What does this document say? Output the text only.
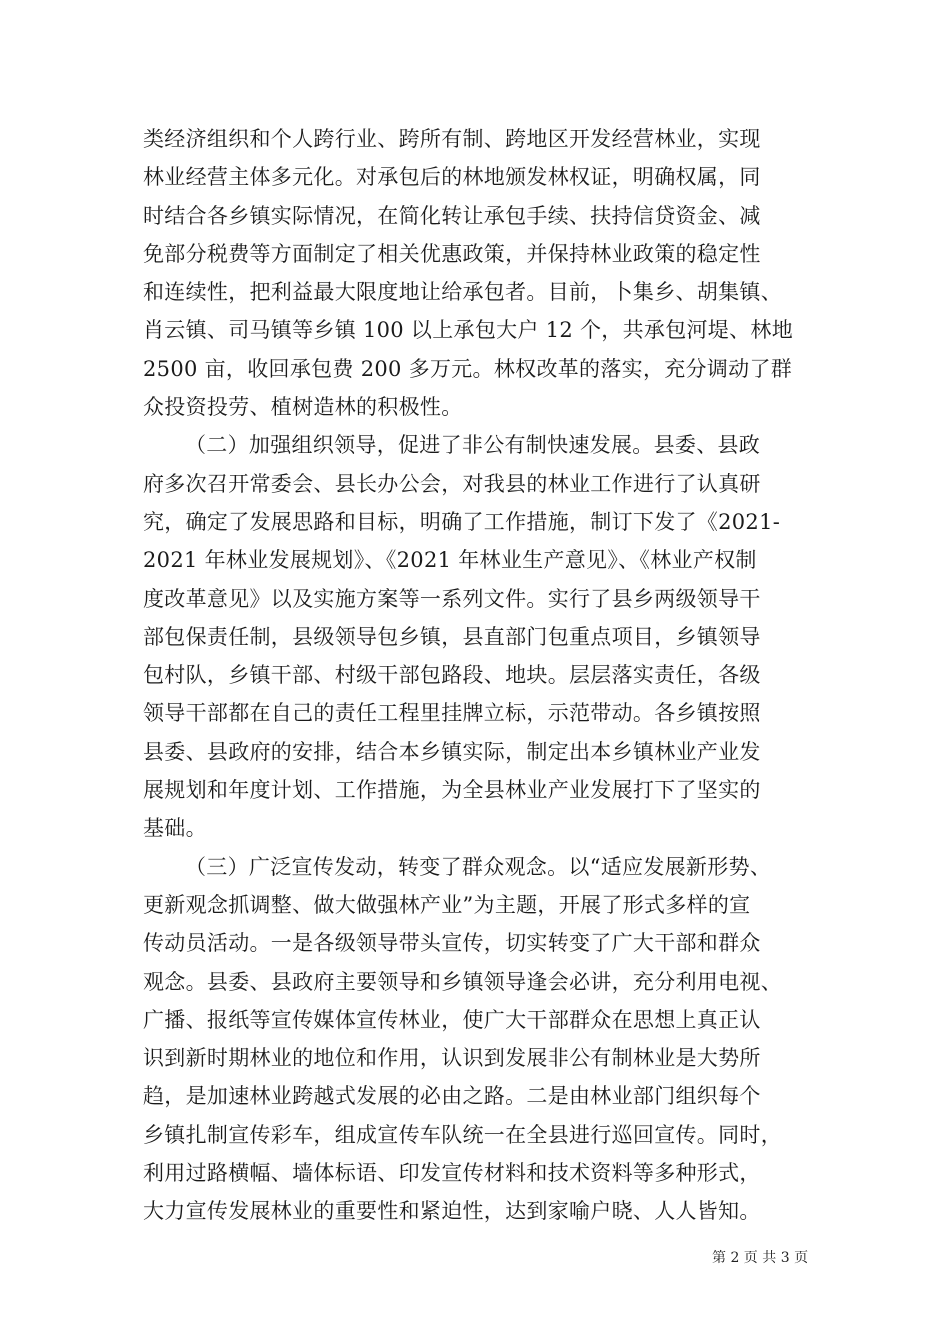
类经济组织和个人跨行业、跨所有制、跨地区开发经营林业，实现
林业经营主体多元化。对承包后的林地颁发林权证，明确权属，同
时结合各乡镇实际情况，在简化转让承包手续、扶持信贷资金、减
免部分税费等方面制定了相关优惠政策，并保持林业政策的稳定性
和连续性，把利益最大限度地让给承包者。目前，卜集乡、胡集镇、
肖云镇、司马镇等乡镇 100 以上承包大户 12 个，共承包河堤、林地
2500 亩，收回承包费 200 多万元。林权改革的落实，充分调动了群
众投资投劳、植树造林的积极性。
（二）加强组织领导，促进了非公有制快速发展。县委、县政
府多次召开常委会、县长办公会，对我县的林业工作进行了认真研
究，确定了发展思路和目标，明确了工作措施，制订下发了《2021-
2021 年林业发展规划》、《2021 年林业生产意见》、《林业产权制
度改革意见》以及实施方案等一系列文件。实行了县乡两级领导干
部包保责任制，县级领导包乡镇，县直部门包重点项目，乡镇领导
包村队，乡镇干部、村级干部包路段、地块。层层落实责任，各级
领导干部都在自己的责任工程里挂牌立标，示范带动。各乡镇按照
县委、县政府的安排，结合本乡镇实际，制定出本乡镇林业产业发
展规划和年度计划、工作措施，为全县林业产业发展打下了坚实的
基础。
（三）广泛宣传发动，转变了群众观念。以“适应发展新形势、
更新观念抓调整、做大做强林产业”为主题，开展了形式多样的宣
传动员活动。一是各级领导带头宣传，切实转变了广大干部和群众
观念。县委、县政府主要领导和乡镇领导逢会必讲，充分利用电视、
广播、报纸等宣传媒体宣传林业，使广大干部群众在思想上真正认
识到新时期林业的地位和作用，认识到发展非公有制林业是大势所
趋，是加速林业跨越式发展的必由之路。二是由林业部门组织每个
乡镇扎制宣传彩车，组成宣传车队统一在全县进行巡回宣传。同时，
利用过路横幅、墙体标语、印发宣传材料和技术资料等多种形式，
大力宣传发展林业的重要性和紧迫性，达到家喻户晓、人人皆知。
第 2 页 共 3 页
